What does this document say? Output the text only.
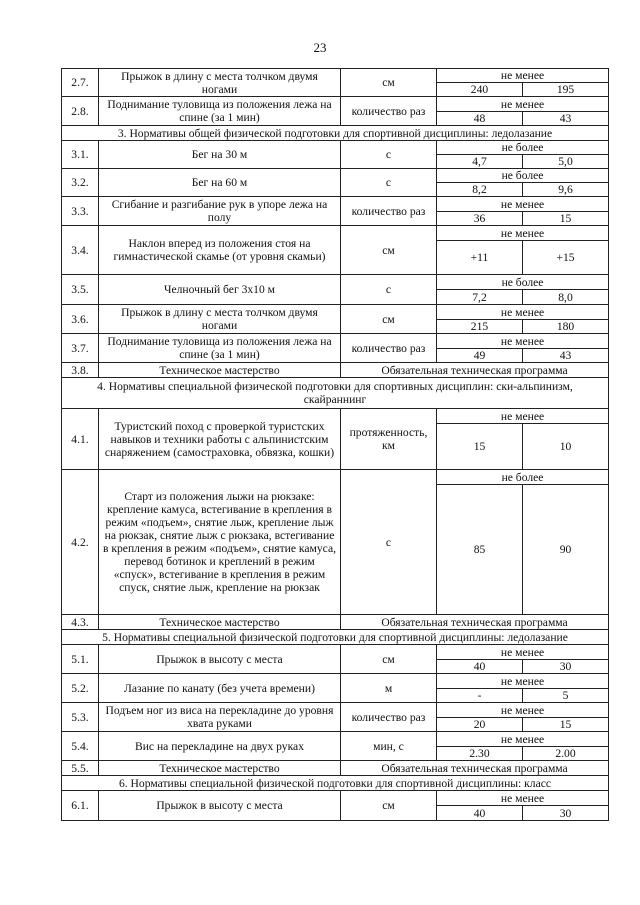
23
2.7.	Прыжок в длину с места толчком двумя ногами	см	не менее	
			240	195
2.8.	Поднимание туловища из положения лежа на спине (за 1 мин)	количество раз	не менее	
			48	43
3. Нормативы общей физической подготовки для спортивной дисциплины: ледолазание				
3.1.	Бег на 30 м	с	не более	
			4,7	5,0
3.2.	Бег на 60 м	с	не более	
			8,2	9,6
3.3.	Сгибание и разгибание рук в упоре лежа на полу	количество раз	не менее	
			36	15
3.4.	Наклон вперед из положения стоя на гимнастической скамье (от уровня скамьи)	см	не менее	
			+11	+15
3.5.	Челночный бег 3х10 м	с	не более	
			7,2	8,0
3.6.	Прыжок в длину с места толчком двумя ногами	см	не менее	
			215	180
3.7.	Поднимание туловища из положения лежа на спине (за 1 мин)	количество раз	не менее	
			49	43
3.8.	Техническое мастерство	Обязательная техническая программа		
4. Нормативы специальной физической подготовки для спортивных дисциплин: ски-альпинизм, скайраннинг				
4.1.	Туристский поход с проверкой туристских навыков и техники работы с альпинистским снаряжением (самостраховка, обвязка, кошки)	протяженность, км	не менее	
			15	10
4.2.	Старт из положения лыжи на рюкзаке: крепление камуса, встегивание в крепления в режим «подъем», снятие лыж, крепление лыж на рюкзак, снятие лыж с рюкзака, встегивание в крепления в режим «подъем», снятие камуса, перевод ботинок и креплений в режим «спуск», встегивание в крепления в режим спуск, снятие лыж, крепление на рюкзак	с	не более	
			85	90
4.3.	Техническое мастерство	Обязательная техническая программа		
5. Нормативы специальной физической подготовки для спортивной дисциплины: ледолазание				
5.1.	Прыжок в высоту с места	см	не менее	
			40	30
5.2.	Лазание по канату (без учета времени)	м	не менее	
			-	5
5.3.	Подъем ног из виса на перекладине до уровня хвата руками	количество раз	не менее	
			20	15
5.4.	Вис на перекладине на двух руках	мин, с	не менее	
			2.30	2.00
5.5.	Техническое мастерство	Обязательная техническая программа		
6. Нормативы специальной физической подготовки для спортивной дисциплины: класс				
6.1.	Прыжок в высоту с места	см	не менее	
			40	30
